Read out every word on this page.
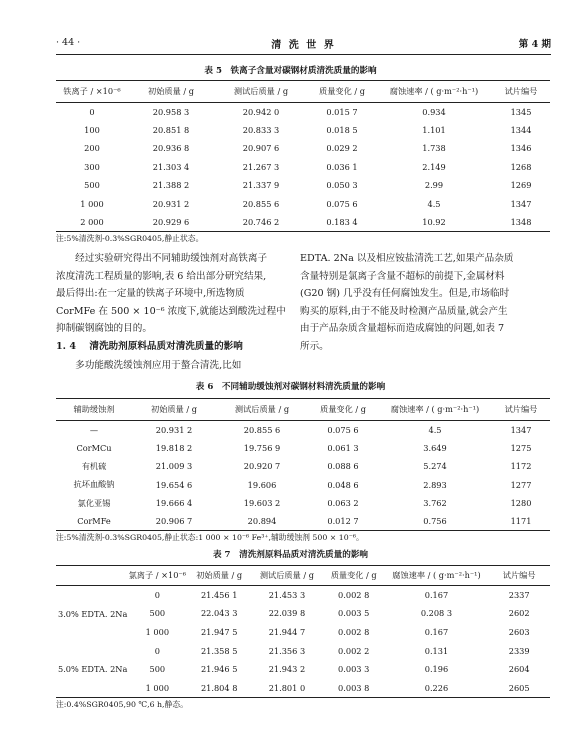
· 44 ·	清 洗 世 界	第 4 期
表 5　铁离子含量对碳钢材质清洗质量的影响
铁离子 / ×10⁻⁶	初始质量 / g	测试后质量 / g	质量变化 / g	腐蚀速率 / ( g·m⁻²·h⁻¹)	试片编号
0	20.958 3	20.942 0	0.015 7	0.934	1345
100	20.851 8	20.833 3	0.018 5	1.101	1344
200	20.936 8	20.907 6	0.029 2	1.738	1346
300	21.303 4	21.267 3	0.036 1	2.149	1268
500	21.388 2	21.337 9	0.050 3	2.99	1269
1 000	20.931 2	20.855 6	0.075 6	4.5	1347
2 000	20.929 6	20.746 2	0.183 4	10.92	1348
注:5%清洗剂-0.3%SGR0405,静止状态。

　　经过实验研究得出不同辅助缓蚀剂对高铁离子

浓度清洗工程质量的影响,表 6 给出部分研究结果,

最后得出:在一定量的铁离子环境中,所选物质

CorMFe 在 500 × 10⁻⁶ 浓度下,就能达到酸洗过程中

抑制碳钢腐蚀的目的。

1. 4 清洗助剂原料品质对清洗质量的影响

　　多功能酸洗缓蚀剂应用于螯合清洗,比如

EDTA. 2Na 以及相应铵盐清洗工艺,如果产品杂质

含量特别是氯离子含量不超标的前提下,金属材料

(G20 钢) 几乎没有任何腐蚀发生。但是,市场临时

购买的原料,由于不能及时检测产品质量,就会产生

由于产品杂质含量超标而造成腐蚀的问题,如表 7

所示。

表 6　不同辅助缓蚀剂对碳钢材料清洗质量的影响
辅助缓蚀剂	初始质量 / g	测试后质量 / g	质量变化 / g	腐蚀速率 / ( g·m⁻²·h⁻¹)	试片编号
—	20.931 2	20.855 6	0.075 6	4.5	1347
CorMCu	19.818 2	19.756 9	0.061 3	3.649	1275
有机硫	21.009 3	20.920 7	0.088 6	5.274	1172
抗坏血酸钠	19.654 6	19.606	0.048 6	2.893	1277
氯化亚锡	19.666 4	19.603 2	0.063 2	3.762	1280
CorMFe	20.906 7	20.894	0.012 7	0.756	1171
注:5%清洗剂-0.3%SGR0405,静止状态:1 000 × 10⁻⁶ Fe³⁺,辅助缓蚀剂 500 × 10⁻⁶。
表 7　清洗剂原料品质对清洗质量的影响
	氯离子 / ×10⁻⁶	初始质量 / g	测试后质量 / g	质量变化 / g	腐蚀速率 / ( g·m⁻²·h⁻¹)	试片编号
3.0% EDTA. 2Na	0	21.456 1	21.453 3	0.002 8	0.167	2337
	500	22.043 3	22.039 8	0.003 5	0.208 3	2602
	1 000	21.947 5	21.944 7	0.002 8	0.167	2603
5.0% EDTA. 2Na	0	21.358 5	21.356 3	0.002 2	0.131	2339
	500	21.946 5	21.943 2	0.003 3	0.196	2604
	1 000	21.804 8	21.801 0	0.003 8	0.226	2605
注:0.4%SGR0405,90 ℃,6 h,静态。
